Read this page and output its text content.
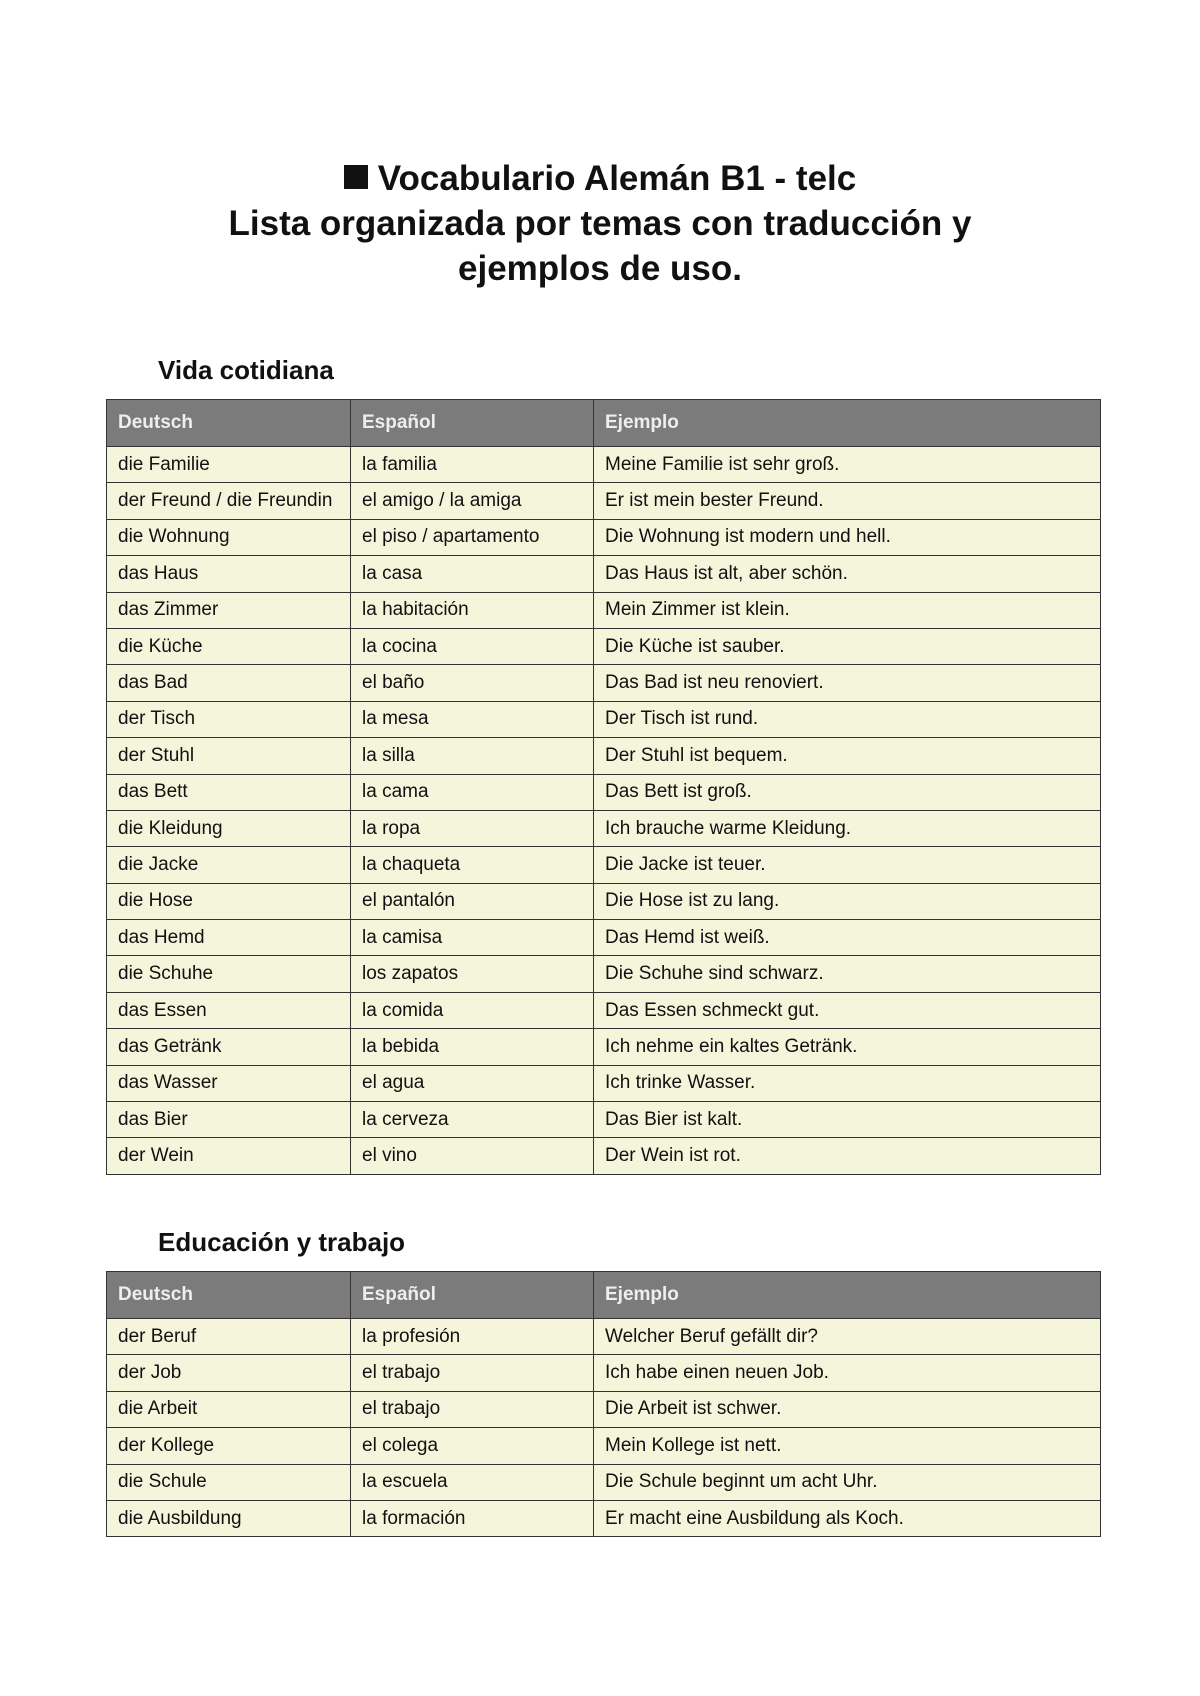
Vocabulario Alemán B1 - telc
Lista organizada por temas con traducción y
ejemplos de uso.
Vida cotidiana
Deutsch	Español	Ejemplo
die Familie	la familia	Meine Familie ist sehr groß.
der Freund / die Freundin	el amigo / la amiga	Er ist mein bester Freund.
die Wohnung	el piso / apartamento	Die Wohnung ist modern und hell.
das Haus	la casa	Das Haus ist alt, aber schön.
das Zimmer	la habitación	Mein Zimmer ist klein.
die Küche	la cocina	Die Küche ist sauber.
das Bad	el baño	Das Bad ist neu renoviert.
der Tisch	la mesa	Der Tisch ist rund.
der Stuhl	la silla	Der Stuhl ist bequem.
das Bett	la cama	Das Bett ist groß.
die Kleidung	la ropa	Ich brauche warme Kleidung.
die Jacke	la chaqueta	Die Jacke ist teuer.
die Hose	el pantalón	Die Hose ist zu lang.
das Hemd	la camisa	Das Hemd ist weiß.
die Schuhe	los zapatos	Die Schuhe sind schwarz.
das Essen	la comida	Das Essen schmeckt gut.
das Getränk	la bebida	Ich nehme ein kaltes Getränk.
das Wasser	el agua	Ich trinke Wasser.
das Bier	la cerveza	Das Bier ist kalt.
der Wein	el vino	Der Wein ist rot.
Educación y trabajo
Deutsch	Español	Ejemplo
der Beruf	la profesión	Welcher Beruf gefällt dir?
der Job	el trabajo	Ich habe einen neuen Job.
die Arbeit	el trabajo	Die Arbeit ist schwer.
der Kollege	el colega	Mein Kollege ist nett.
die Schule	la escuela	Die Schule beginnt um acht Uhr.
die Ausbildung	la formación	Er macht eine Ausbildung als Koch.
